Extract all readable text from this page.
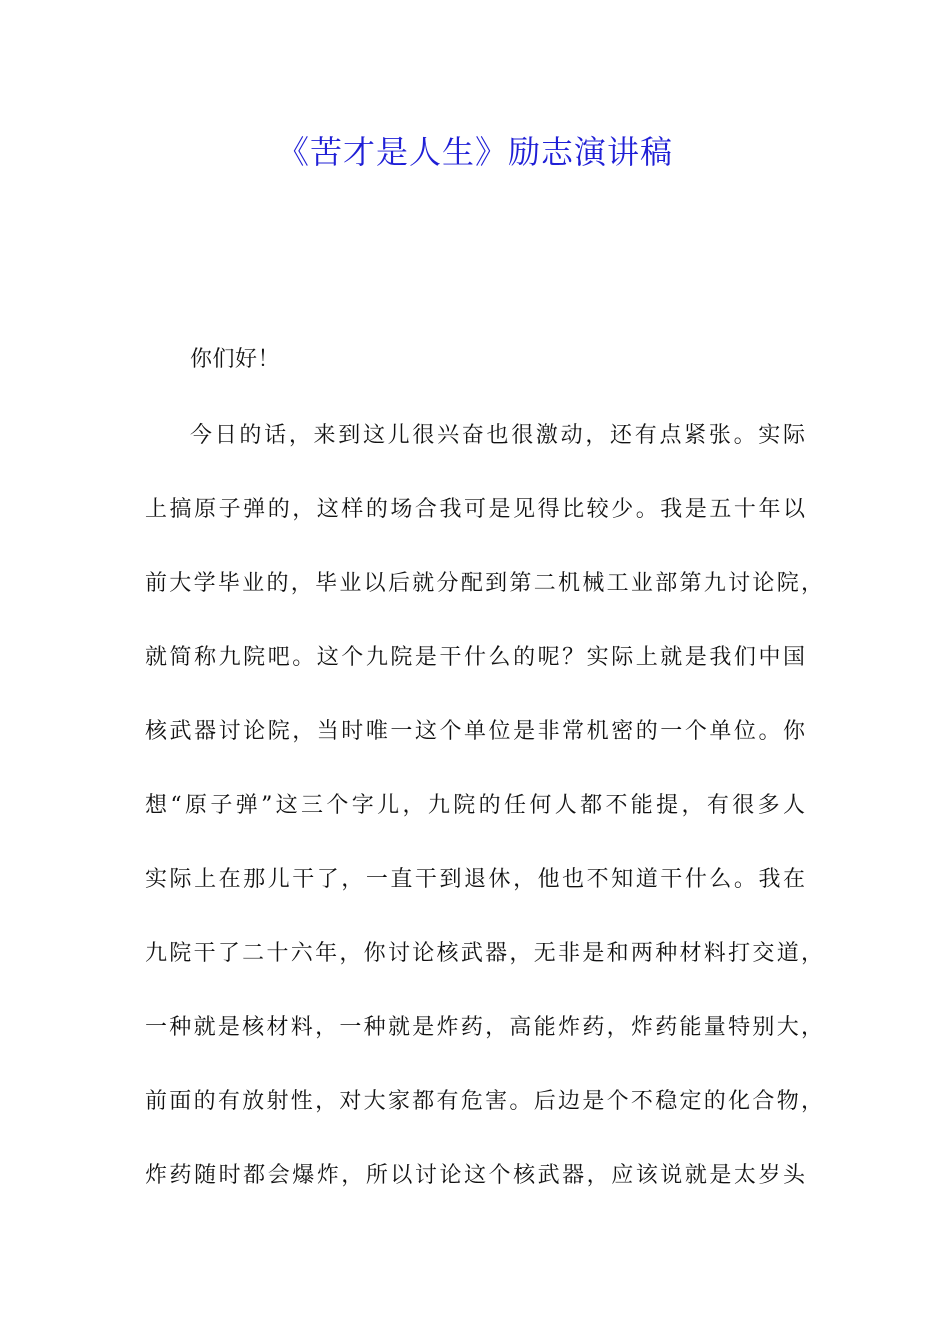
《苦才是人生》励志演讲稿
你们好！
今日的话，来到这儿很兴奋也很激动，还有点紧张。实际
上搞原子弹的，这样的场合我可是见得比较少。我是五十年以
前大学毕业的，毕业以后就分配到第二机械工业部第九讨论院，
就简称九院吧。这个九院是干什么的呢？实际上就是我们中国
核武器讨论院，当时唯一这个单位是非常机密的一个单位。你
想“原子弹”这三个字儿，九院的任何人都不能提，有很多人
实际上在那儿干了，一直干到退休，他也不知道干什么。我在
九院干了二十六年，你讨论核武器，无非是和两种材料打交道，
一种就是核材料，一种就是炸药，高能炸药，炸药能量特别大，
前面的有放射性，对大家都有危害。后边是个不稳定的化合物，
炸药随时都会爆炸，所以讨论这个核武器，应该说就是太岁头
